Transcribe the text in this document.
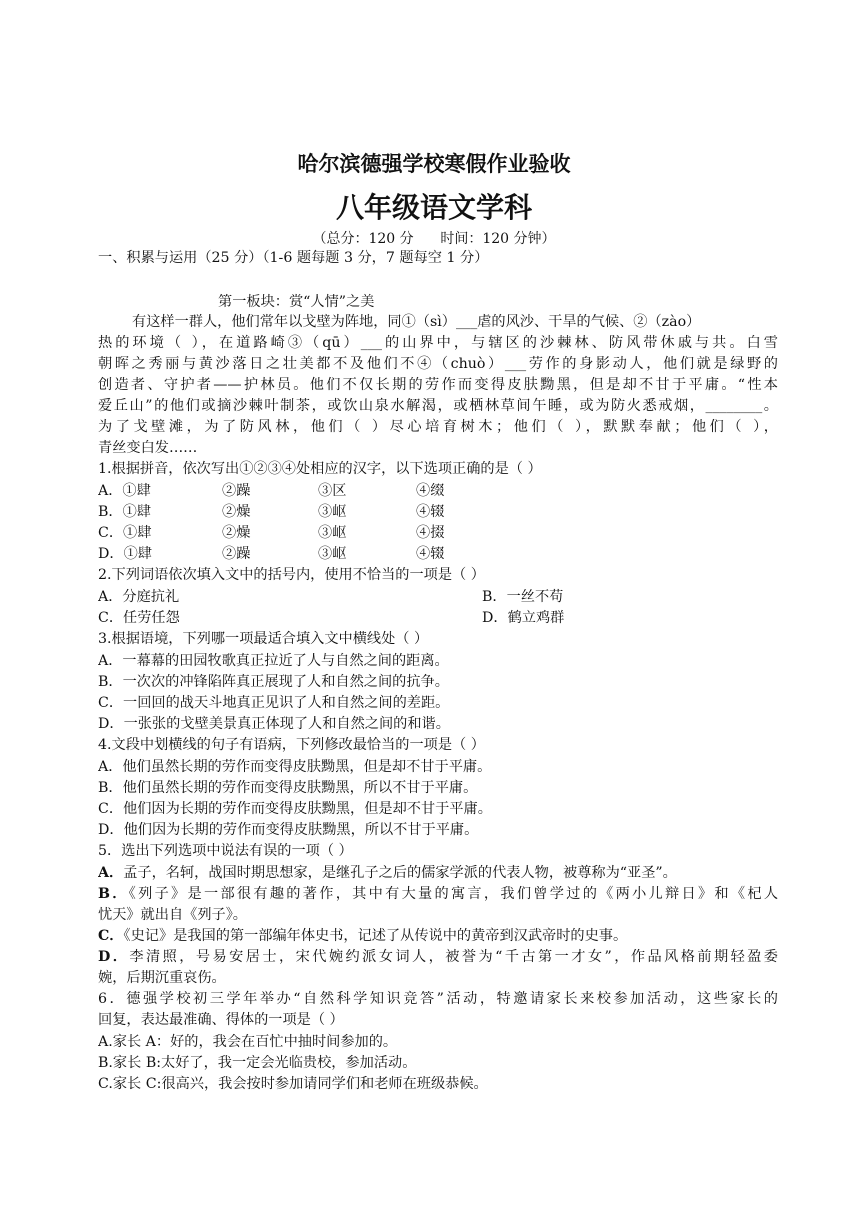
哈尔滨德强学校寒假作业验收
八年级语文学科
（总分：120 分      时间：120 分钟）
一、积累与运用（25 分）（1-6 题每题 3 分，7 题每空 1 分）
第一板块：赏“人情”之美
有这样一群人，他们常年以戈壁为阵地，同①（sì）___虐的风沙、干旱的气候、②（zào）
热的环境（ ），在道路崎③（qū）___的山界中，与辖区的沙棘林、防风带休戚与共。白雪
朝晖之秀丽与黄沙落日之壮美都不及他们不④（chuò）___劳作的身影动人，他们就是绿野的
创造者、守护者——护林员。他们不仅长期的劳作而变得皮肤黝黑，但是却不甘于平庸。“性本
爱丘山”的他们或摘沙棘叶制茶，或饮山泉水解渴，或栖林草间午睡，或为防火悉戒烟，________。
为了戈壁滩，为了防风林，他们（ ）尽心培育树木；他们（ ），默默奉献；他们（ ），
青丝变白发……
1.根据拼音，依次写出①②③④处相应的汉字，以下选项正确的是（ ）
A．①肆	②躁	③区	④缀
B．①肆	②燥	③岖	④辍
C．①肆	②燥	③岖	④掇
D．①肆	②躁	③岖	④辍
2.下列词语依次填入文中的括号内，使用不恰当的一项是（ ）
A．分庭抗礼	B．一丝不苟
C．任劳任怨	D．鹤立鸡群
3.根据语境，下列哪一项最适合填入文中横线处（ ）
A．一幕幕的田园牧歌真正拉近了人与自然之间的距离。
B．一次次的冲锋陷阵真正展现了人和自然之间的抗争。
C．一回回的战天斗地真正见识了人和自然之间的差距。
D．一张张的戈壁美景真正体现了人和自然之间的和谐。
4.文段中划横线的句子有语病，下列修改最恰当的一项是（ ）
A．他们虽然长期的劳作而变得皮肤黝黑，但是却不甘于平庸。
B．他们虽然长期的劳作而变得皮肤黝黑，所以不甘于平庸。
C．他们因为长期的劳作而变得皮肤黝黑，但是却不甘于平庸。
D．他们因为长期的劳作而变得皮肤黝黑，所以不甘于平庸。
5．选出下列选项中说法有误的一项（ ）
A．孟子，名轲，战国时期思想家，是继孔子之后的儒家学派的代表人物，被尊称为“亚圣”。
B．《列子》是一部很有趣的著作，其中有大量的寓言，我们曾学过的《两小儿辩日》和《杞人
忧天》就出自《列子》。
C．《史记》是我国的第一部编年体史书，记述了从传说中的黄帝到汉武帝时的史事。
D．李清照，号易安居士，宋代婉约派女词人，被誉为“千古第一才女”，作品风格前期轻盈委
婉，后期沉重哀伤。
6．德强学校初三学年举办“自然科学知识竞答”活动，特邀请家长来校参加活动，这些家长的
回复，表达最准确、得体的一项是（ ）
A.家长 A：好的，我会在百忙中抽时间参加的。
B.家长 B:太好了，我一定会光临贵校，参加活动。
C.家长 C:很高兴，我会按时参加请同学们和老师在班级恭候。
